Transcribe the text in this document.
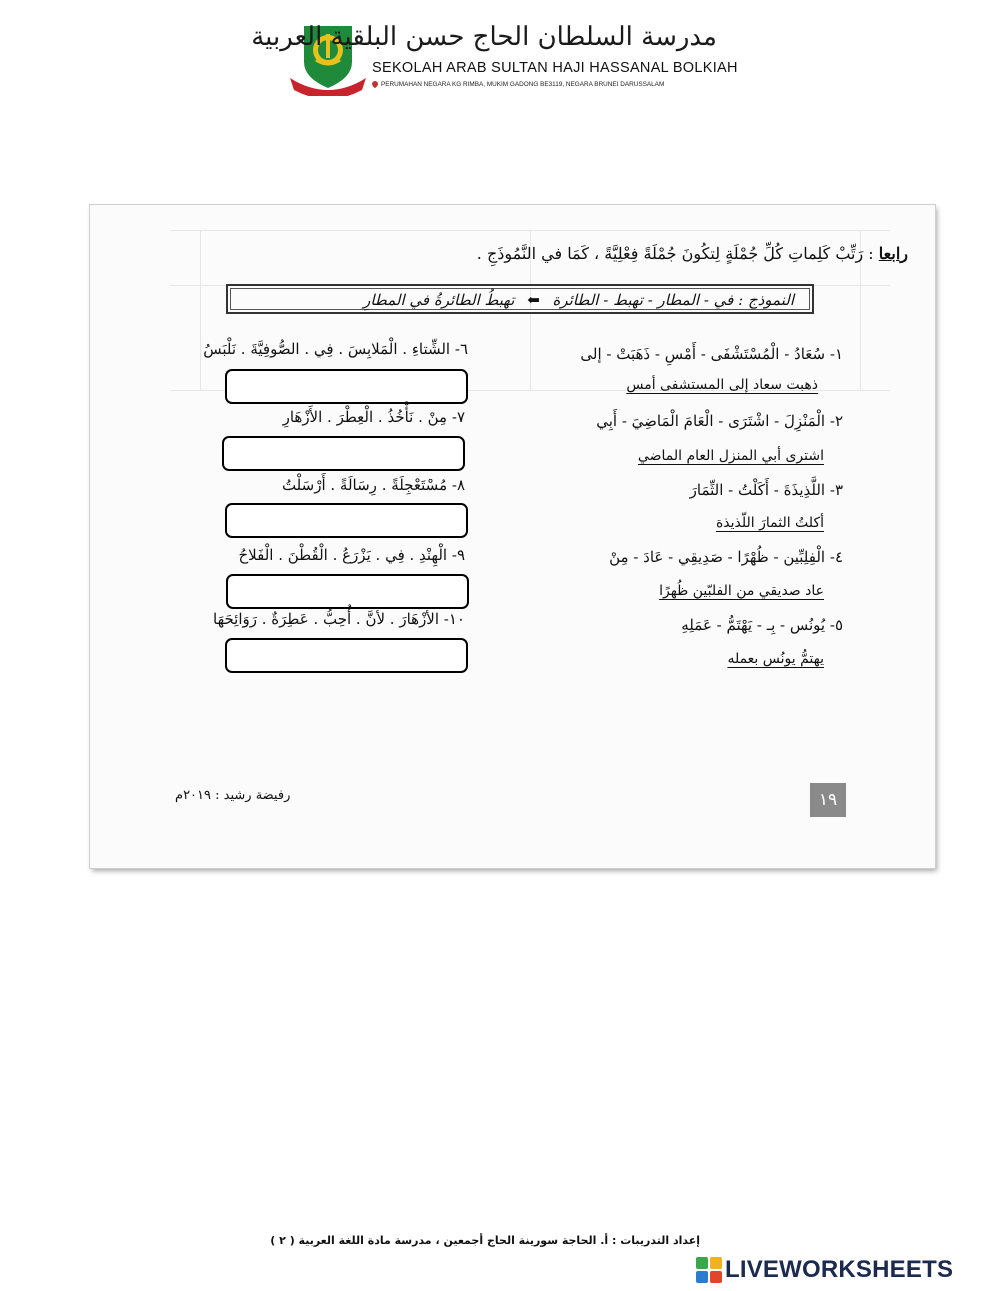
مدرسة السلطان الحاج حسن البلقية العربية
SEKOLAH ARAB SULTAN HAJI HASSANAL BOLKIAH
PERUMAHAN NEGARA KG RIMBA, MUKIM GADONG BE3119, NEGARA BRUNEI DARUSSALAM
رابعا : رَتِّبْ كَلِماتِ كُلِّ جُمْلَةٍ لِتكُونَ جُمْلَةً فِعْلِيَّةً ، كَمَا في النَّمُوذَجِ .
النموذج : في - المطار - تهبط - الطائرة ⬅ تهبطُ الطائرةُ في المطارِ
١- سُعَادُ - الْمُسْتَشْفَى - أَمْسِ - ذَهَبَتْ - إلى
ذهبت سعاد إلى المستشفى أمس
٢- الْمَنْزِلَ - اشْتَرَى - الْعَامَ الْمَاضِيَ - أَبِي
اشترى أبي المنزل العام الماضي
٣- اللَّذِيذَةَ - أَكَلْتُ - الثِّمَارَ
أكلتُ الثمارَ اللّذيذة
٤- الْفِلِبِّين - ظُهْرًا - صَدِيقِي - عَادَ - مِنْ
عاد صديقي من الفلبّين ظُهرًا
٥- يُونُس - بِـ - يَهْتَمُّ - عَمَلِهِ
يهتمُّ يونُس بعمله
٦- الشِّتاءِ . الْمَلابِسَ . فِي . الصُّوفِيَّةَ . نَلْبَسُ
٧- مِنْ . نَأْخُذُ . الْعِطْرَ . الأَزْهَارِ
٨- مُسْتَعْجِلَةً . رِسَالَةً . أَرْسَلْتُ
٩- الْهِنْدِ . فِي . يَزْرَعُ . الْقُطْنَ . الْفَلاحُ
١٠- الأَزْهَارَ . لأَنَّ . أُحِبُّ . عَطِرَةٌ . رَوَائِحَهَا
١٩
رفيضة رشيد : ٢٠١٩م
إعداد التدريبات : أ. الحاجة سورينة الحاج أجمعين ، مدرسة مادة اللغة العربية ( ٢ )
LIVEWORKSHEETS
